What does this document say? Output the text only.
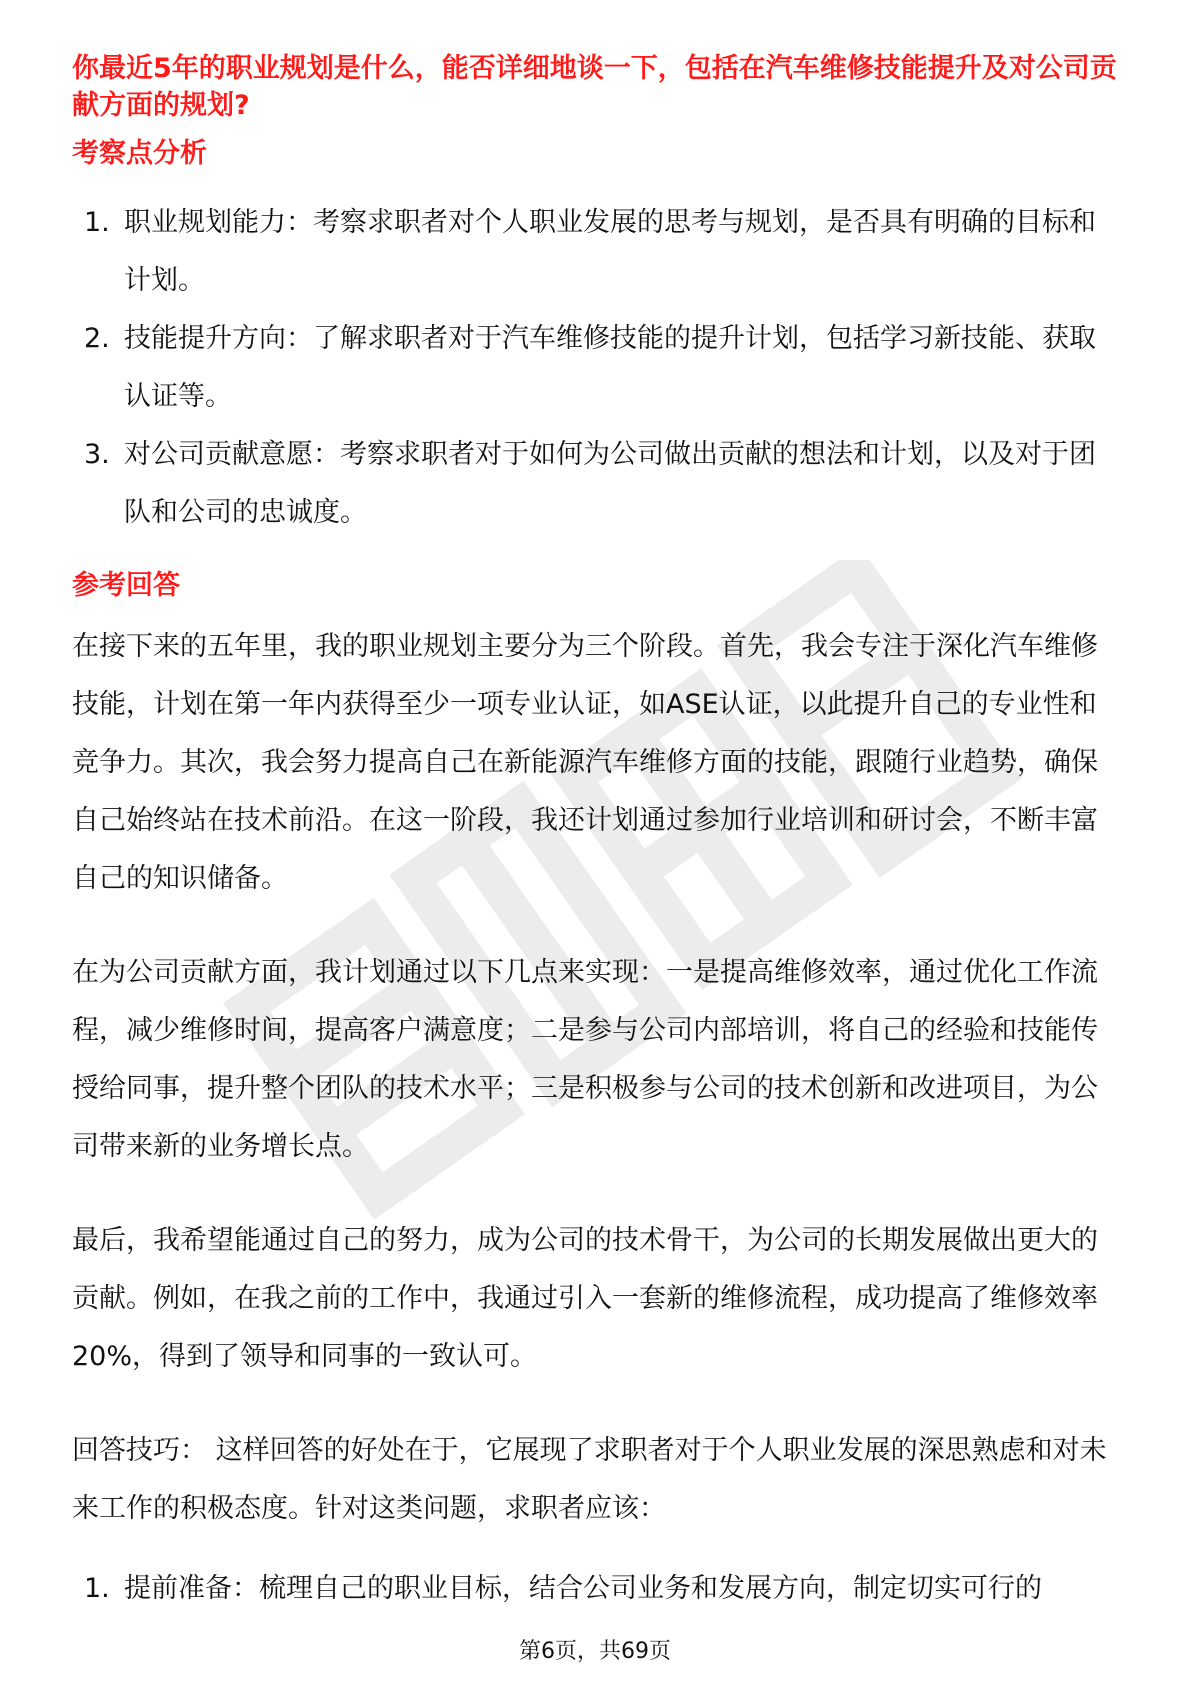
你最近5年的职业规划是什么，能否详细地谈一下，包括在汽车维修技能提升及对公司贡献方面的规划?

考察点分析
1. 职业规划能力：考察求职者对个人职业发展的思考与规划，是否具有明确的目标和计划。
2. 技能提升方向：了解求职者对于汽车维修技能的提升计划，包括学习新技能、获取认证等。
3. 对公司贡献意愿：考察求职者对于如何为公司做出贡献的想法和计划，以及对于团队和公司的忠诚度。
参考回答

在接下来的五年里，我的职业规划主要分为三个阶段。首先，我会专注于深化汽车维修技能，计划在第一年内获得至少一项专业认证，如ASE认证，以此提升自己的专业性和竞争力。其次，我会努力提高自己在新能源汽车维修方面的技能，跟随行业趋势，确保自己始终站在技术前沿。在这一阶段，我还计划通过参加行业培训和研讨会，不断丰富自己的知识储备。

在为公司贡献方面，我计划通过以下几点来实现：一是提高维修效率，通过优化工作流程，减少维修时间，提高客户满意度；二是参与公司内部培训，将自己的经验和技能传授给同事，提升整个团队的技术水平；三是积极参与公司的技术创新和改进项目，为公司带来新的业务增长点。

最后，我希望能通过自己的努力，成为公司的技术骨干，为公司的长期发展做出更大的贡献。例如，在我之前的工作中，我通过引入一套新的维修流程，成功提高了维修效率20%，得到了领导和同事的一致认可。

回答技巧： 这样回答的好处在于，它展现了求职者对于个人职业发展的深思熟虑和对未来工作的积极态度。针对这类问题，求职者应该：

1. 提前准备：梳理自己的职业目标，结合公司业务和发展方向，制定切实可行的
第6页，共69页
